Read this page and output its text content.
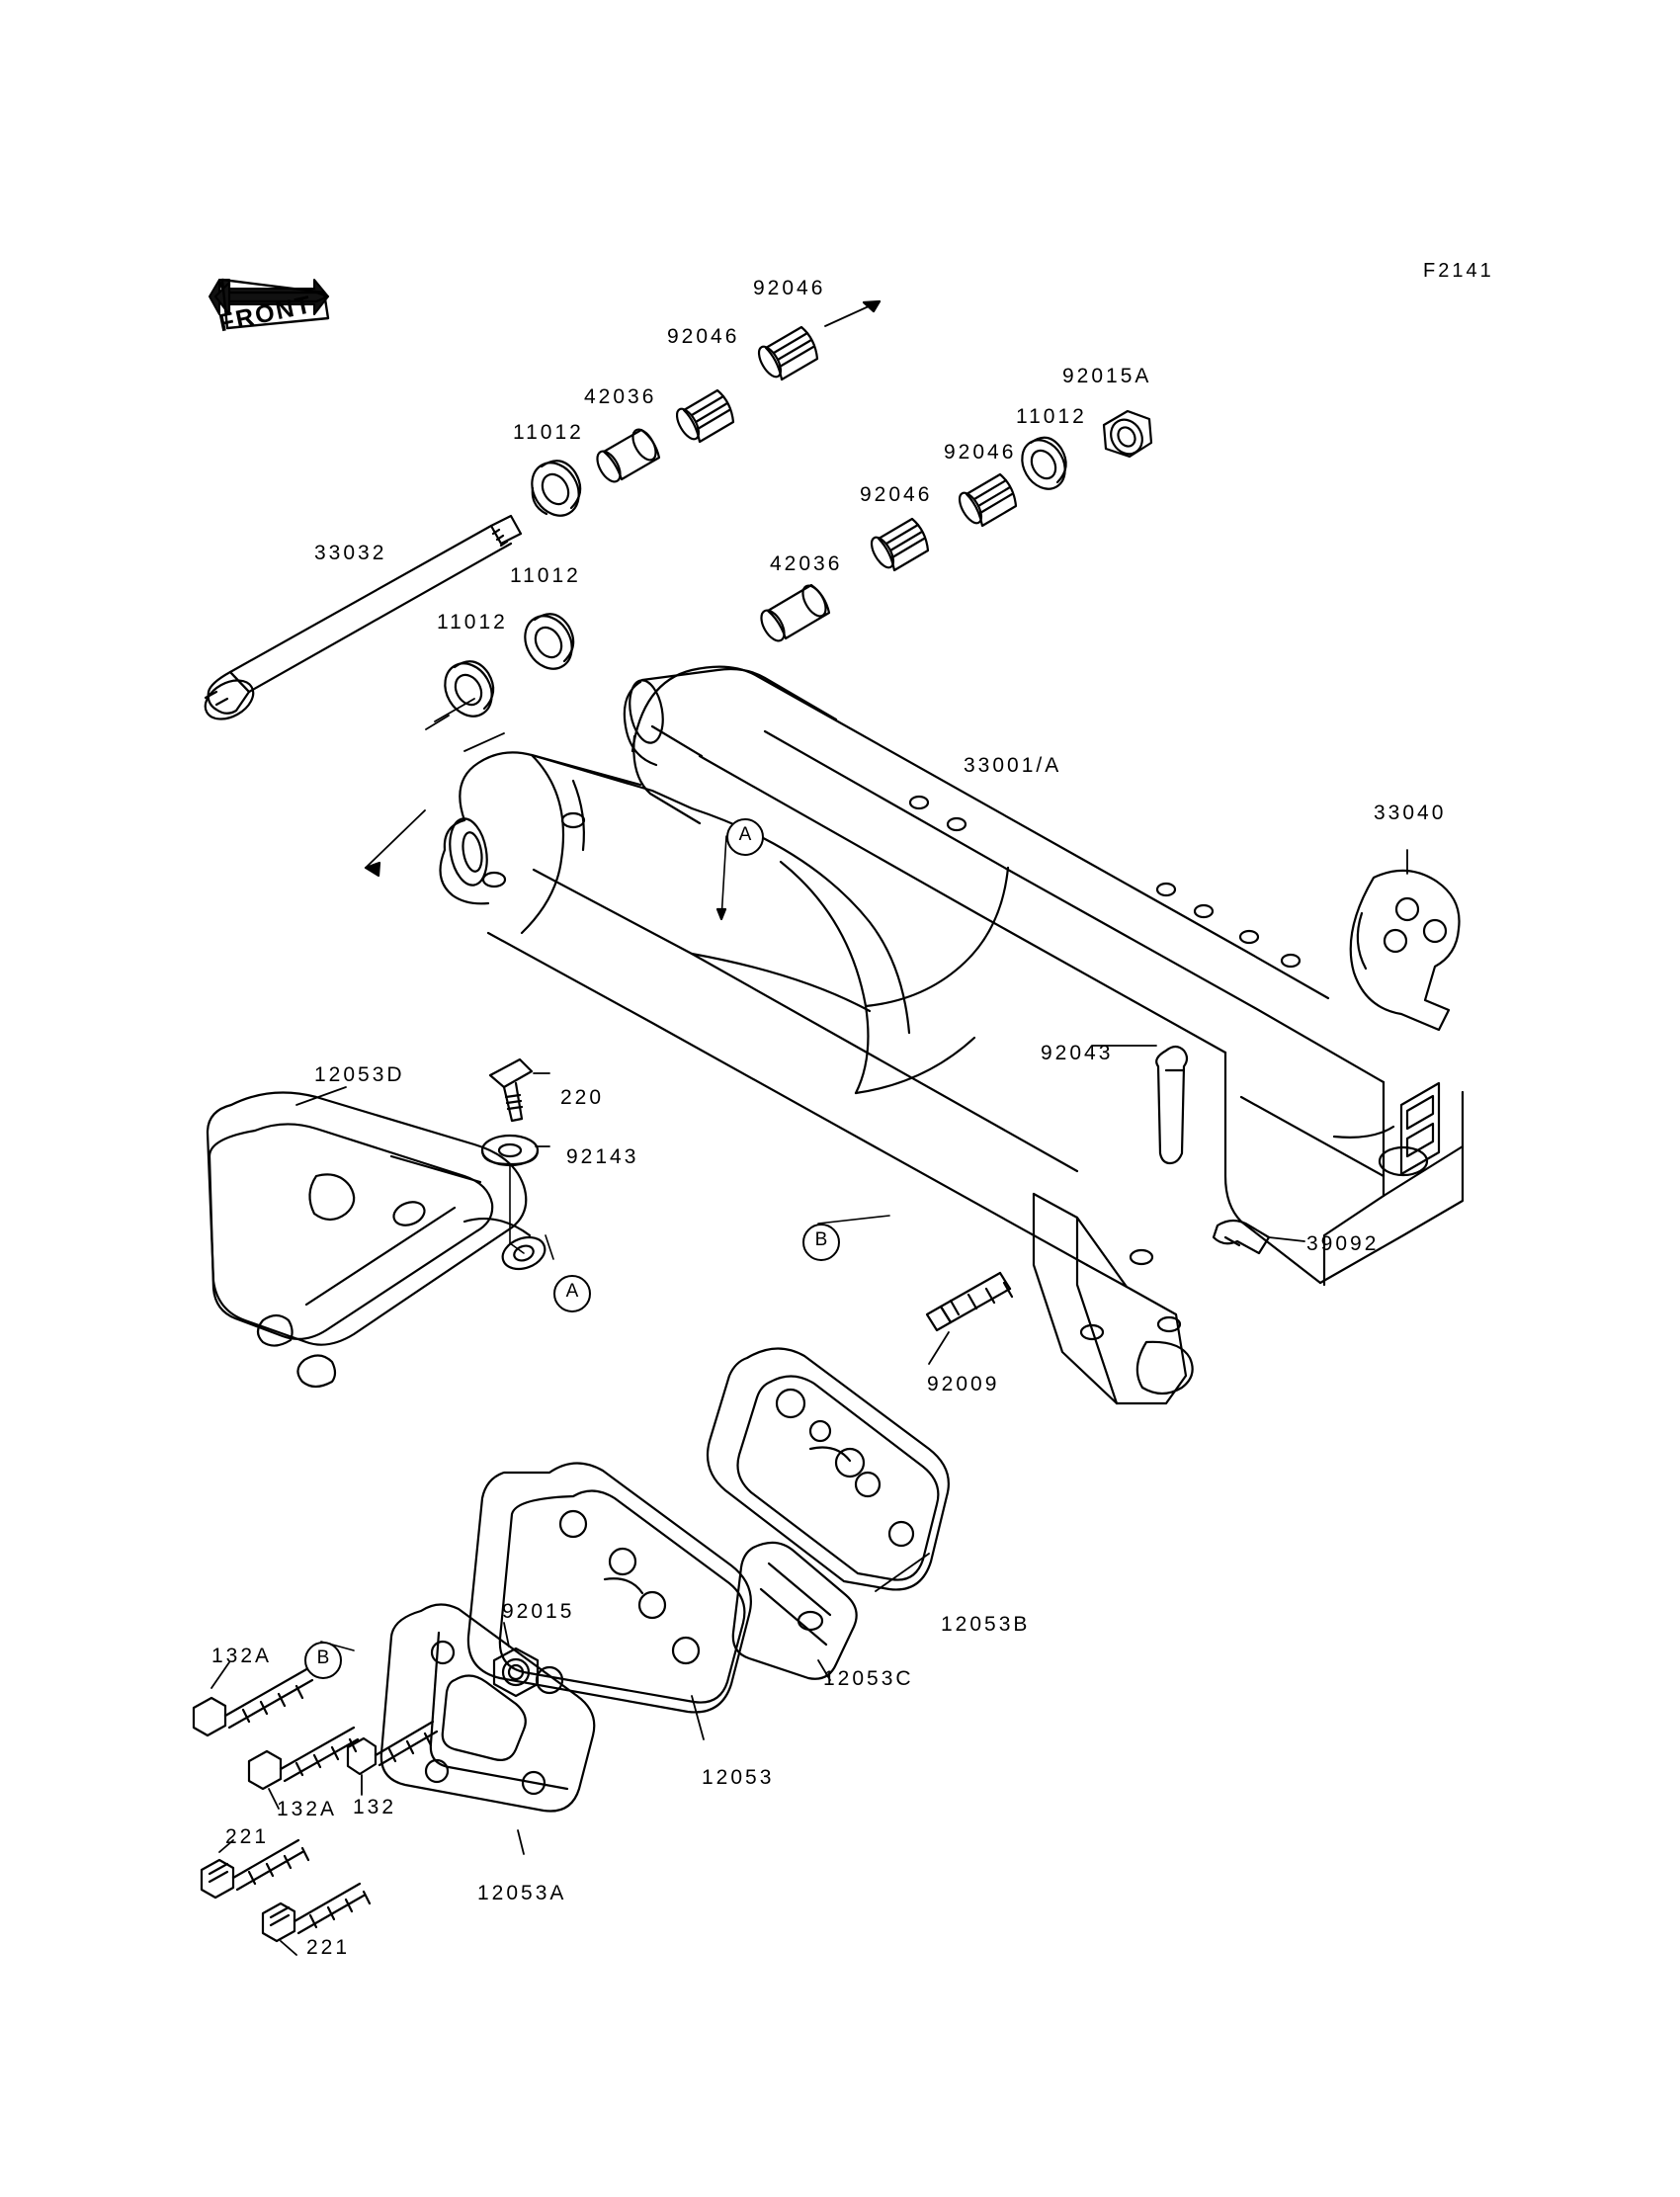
FRONT
F2141
92046
92046
42036
92015A
11012
11012
92046
92046
33032
11012
42036
11012
33001/A
33040
92043
12053D
220
92143
39092
92009
12053B
92015
12053C
132A
132A 132
12053
221
12053A
221
A
A
B
B
